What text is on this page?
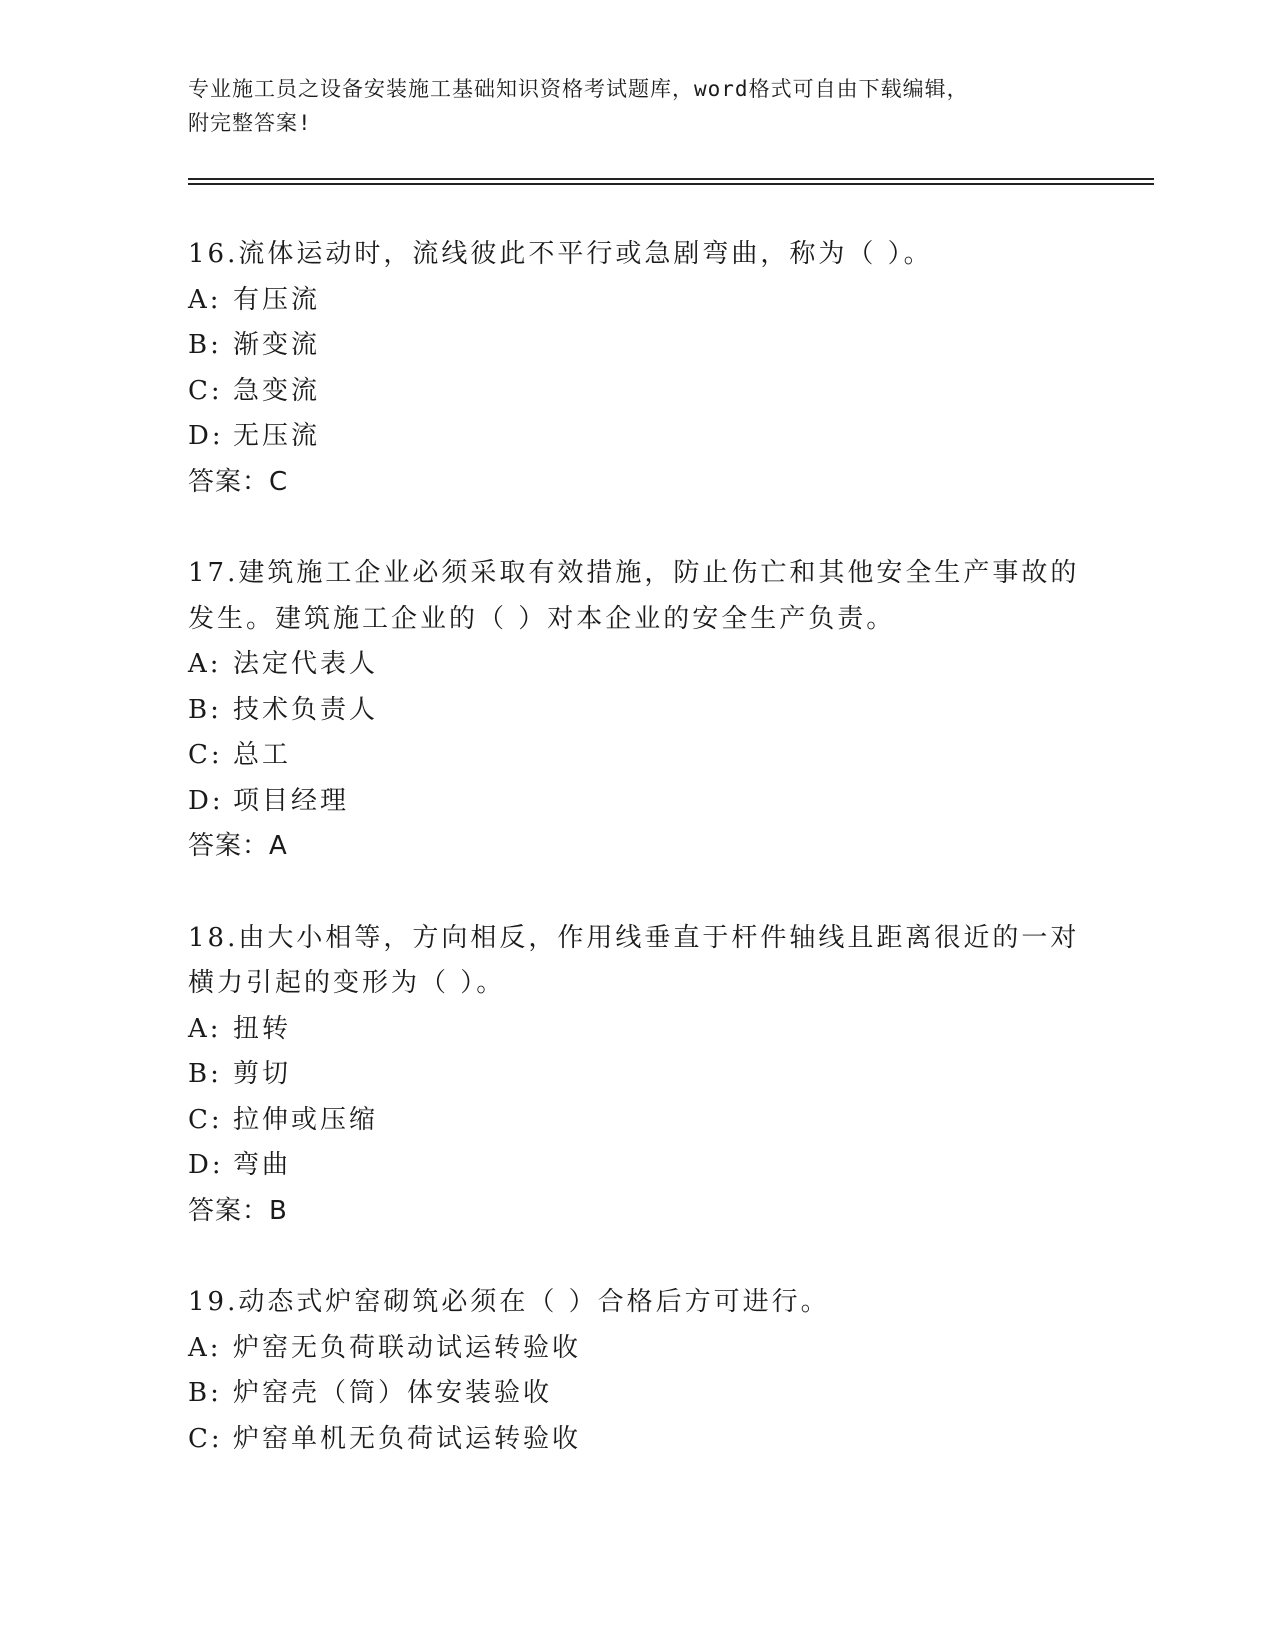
专业施工员之设备安装施工基础知识资格考试题库，word格式可自由下载编辑，
附完整答案!
16.流体运动时，流线彼此不平行或急剧弯曲，称为（ ）。
A: 有压流
B: 渐变流
C: 急变流
D: 无压流
答案：C
17.建筑施工企业必须采取有效措施，防止伤亡和其他安全生产事故的发生。建筑施工企业的（ ）对本企业的安全生产负责。
A: 法定代表人
B: 技术负责人
C: 总工
D: 项目经理
答案：A
18.由大小相等，方向相反，作用线垂直于杆件轴线且距离很近的一对横力引起的变形为（ ）。
A: 扭转
B: 剪切
C: 拉伸或压缩
D: 弯曲
答案：B
19.动态式炉窑砌筑必须在（ ）合格后方可进行。
A: 炉窑无负荷联动试运转验收
B: 炉窑壳（筒）体安装验收
C: 炉窑单机无负荷试运转验收
